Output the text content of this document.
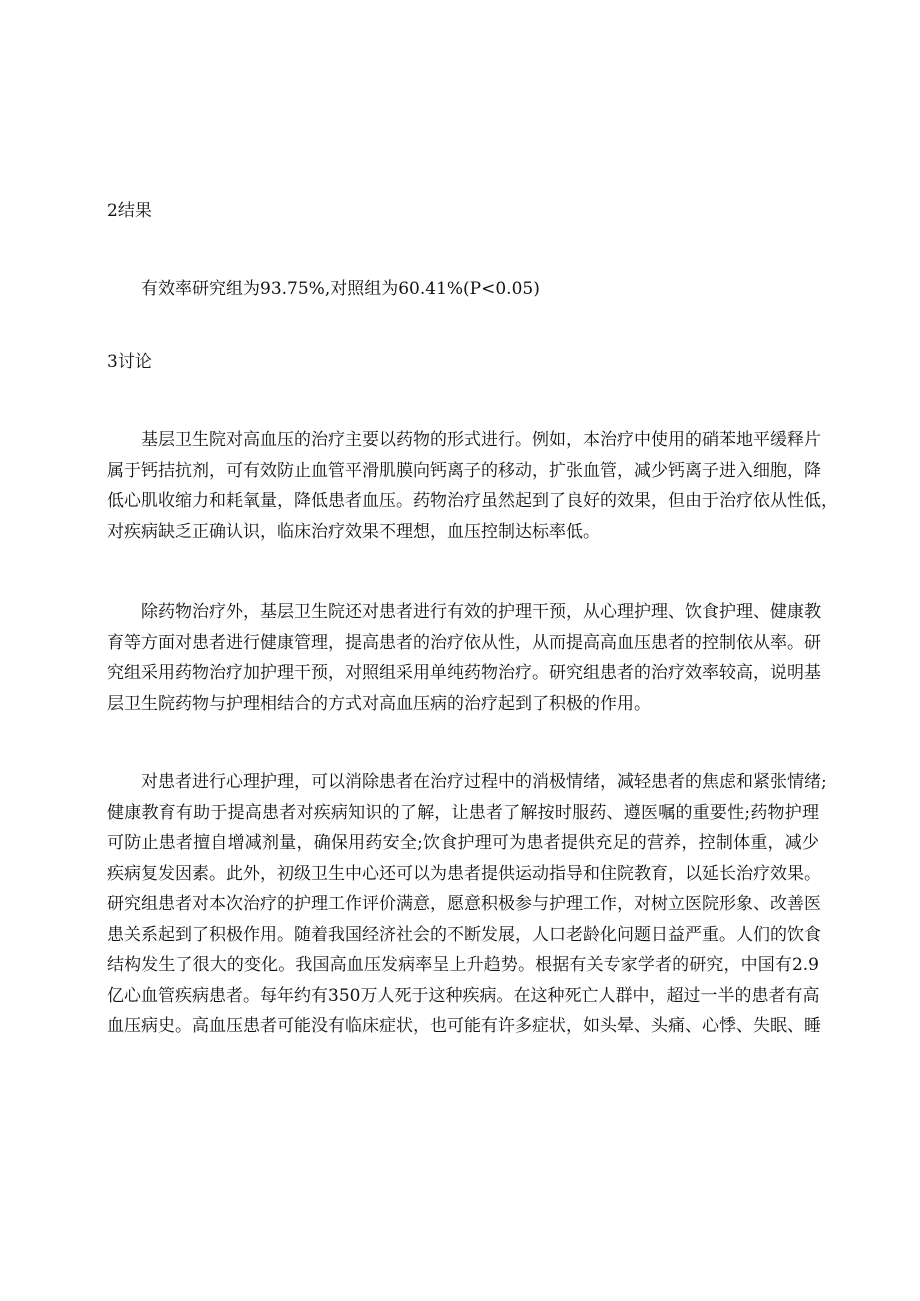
2结果

有效率研究组为93.75%,对照组为60.41%(P<0.05)

3讨论

基层卫生院对高血压的治疗主要以药物的形式进行。例如，本治疗中使用的硝苯地平缓释片
属于钙拮抗剂，可有效防止血管平滑肌膜向钙离子的移动，扩张血管，减少钙离子进入细胞，降
低心肌收缩力和耗氧量，降低患者血压。药物治疗虽然起到了良好的效果，但由于治疗依从性低，
对疾病缺乏正确认识，临床治疗效果不理想，血压控制达标率低。

除药物治疗外，基层卫生院还对患者进行有效的护理干预，从心理护理、饮食护理、健康教
育等方面对患者进行健康管理，提高患者的治疗依从性，从而提高高血压患者的控制依从率。研
究组采用药物治疗加护理干预，对照组采用单纯药物治疗。研究组患者的治疗效率较高，说明基
层卫生院药物与护理相结合的方式对高血压病的治疗起到了积极的作用。

对患者进行心理护理，可以消除患者在治疗过程中的消极情绪，减轻患者的焦虑和紧张情绪;
健康教育有助于提高患者对疾病知识的了解，让患者了解按时服药、遵医嘱的重要性;药物护理
可防止患者擅自增减剂量，确保用药安全;饮食护理可为患者提供充足的营养，控制体重，减少
疾病复发因素。此外，初级卫生中心还可以为患者提供运动指导和住院教育，以延长治疗效果。
研究组患者对本次治疗的护理工作评价满意，愿意积极参与护理工作，对树立医院形象、改善医
患关系起到了积极作用。随着我国经济社会的不断发展，人口老龄化问题日益严重。人们的饮食
结构发生了很大的变化。我国高血压发病率呈上升趋势。根据有关专家学者的研究，中国有2.9
亿心血管疾病患者。每年约有350万人死于这种疾病。在这种死亡人群中，超过一半的患者有高
血压病史。高血压患者可能没有临床症状，也可能有许多症状，如头晕、头痛、心悸、失眠、睡
